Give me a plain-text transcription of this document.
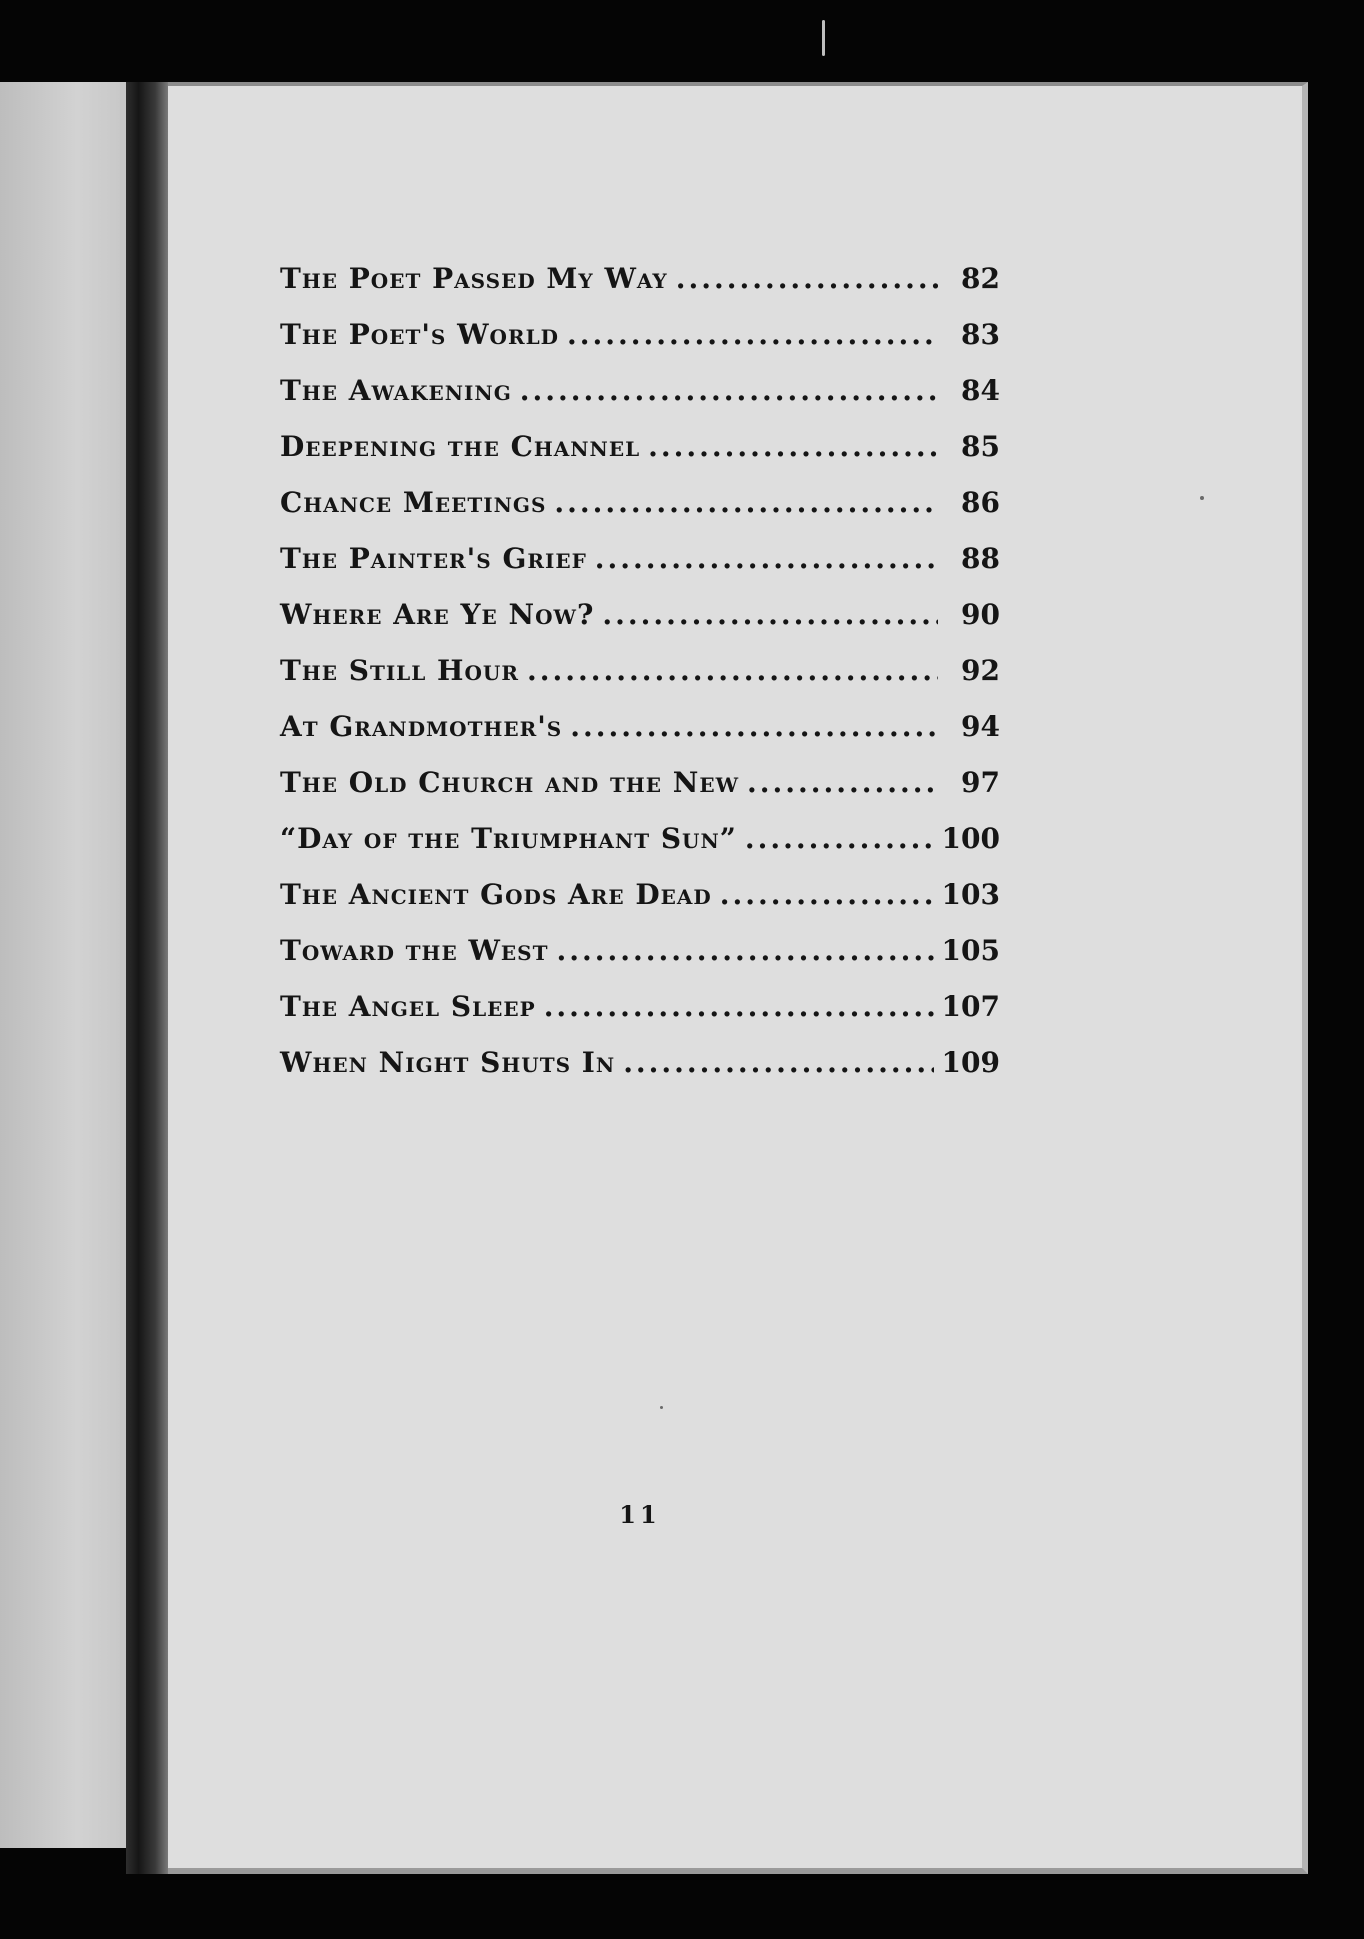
The Poet Passed My Way .....	82
The Poet's World .....	83
The Awakening .....	84
Deepening the Channel .....	85
Chance Meetings .....	86
The Painter's Grief .....	88
Where Are Ye Now? .....	90
The Still Hour .....	92
At Grandmother's .....	94
The Old Church and the New .....	97
“Day of the Triumphant Sun” .....	100
The Ancient Gods Are Dead .....	103
Toward the West .....	105
The Angel Sleep .....	107
When Night Shuts In .....	109
11
